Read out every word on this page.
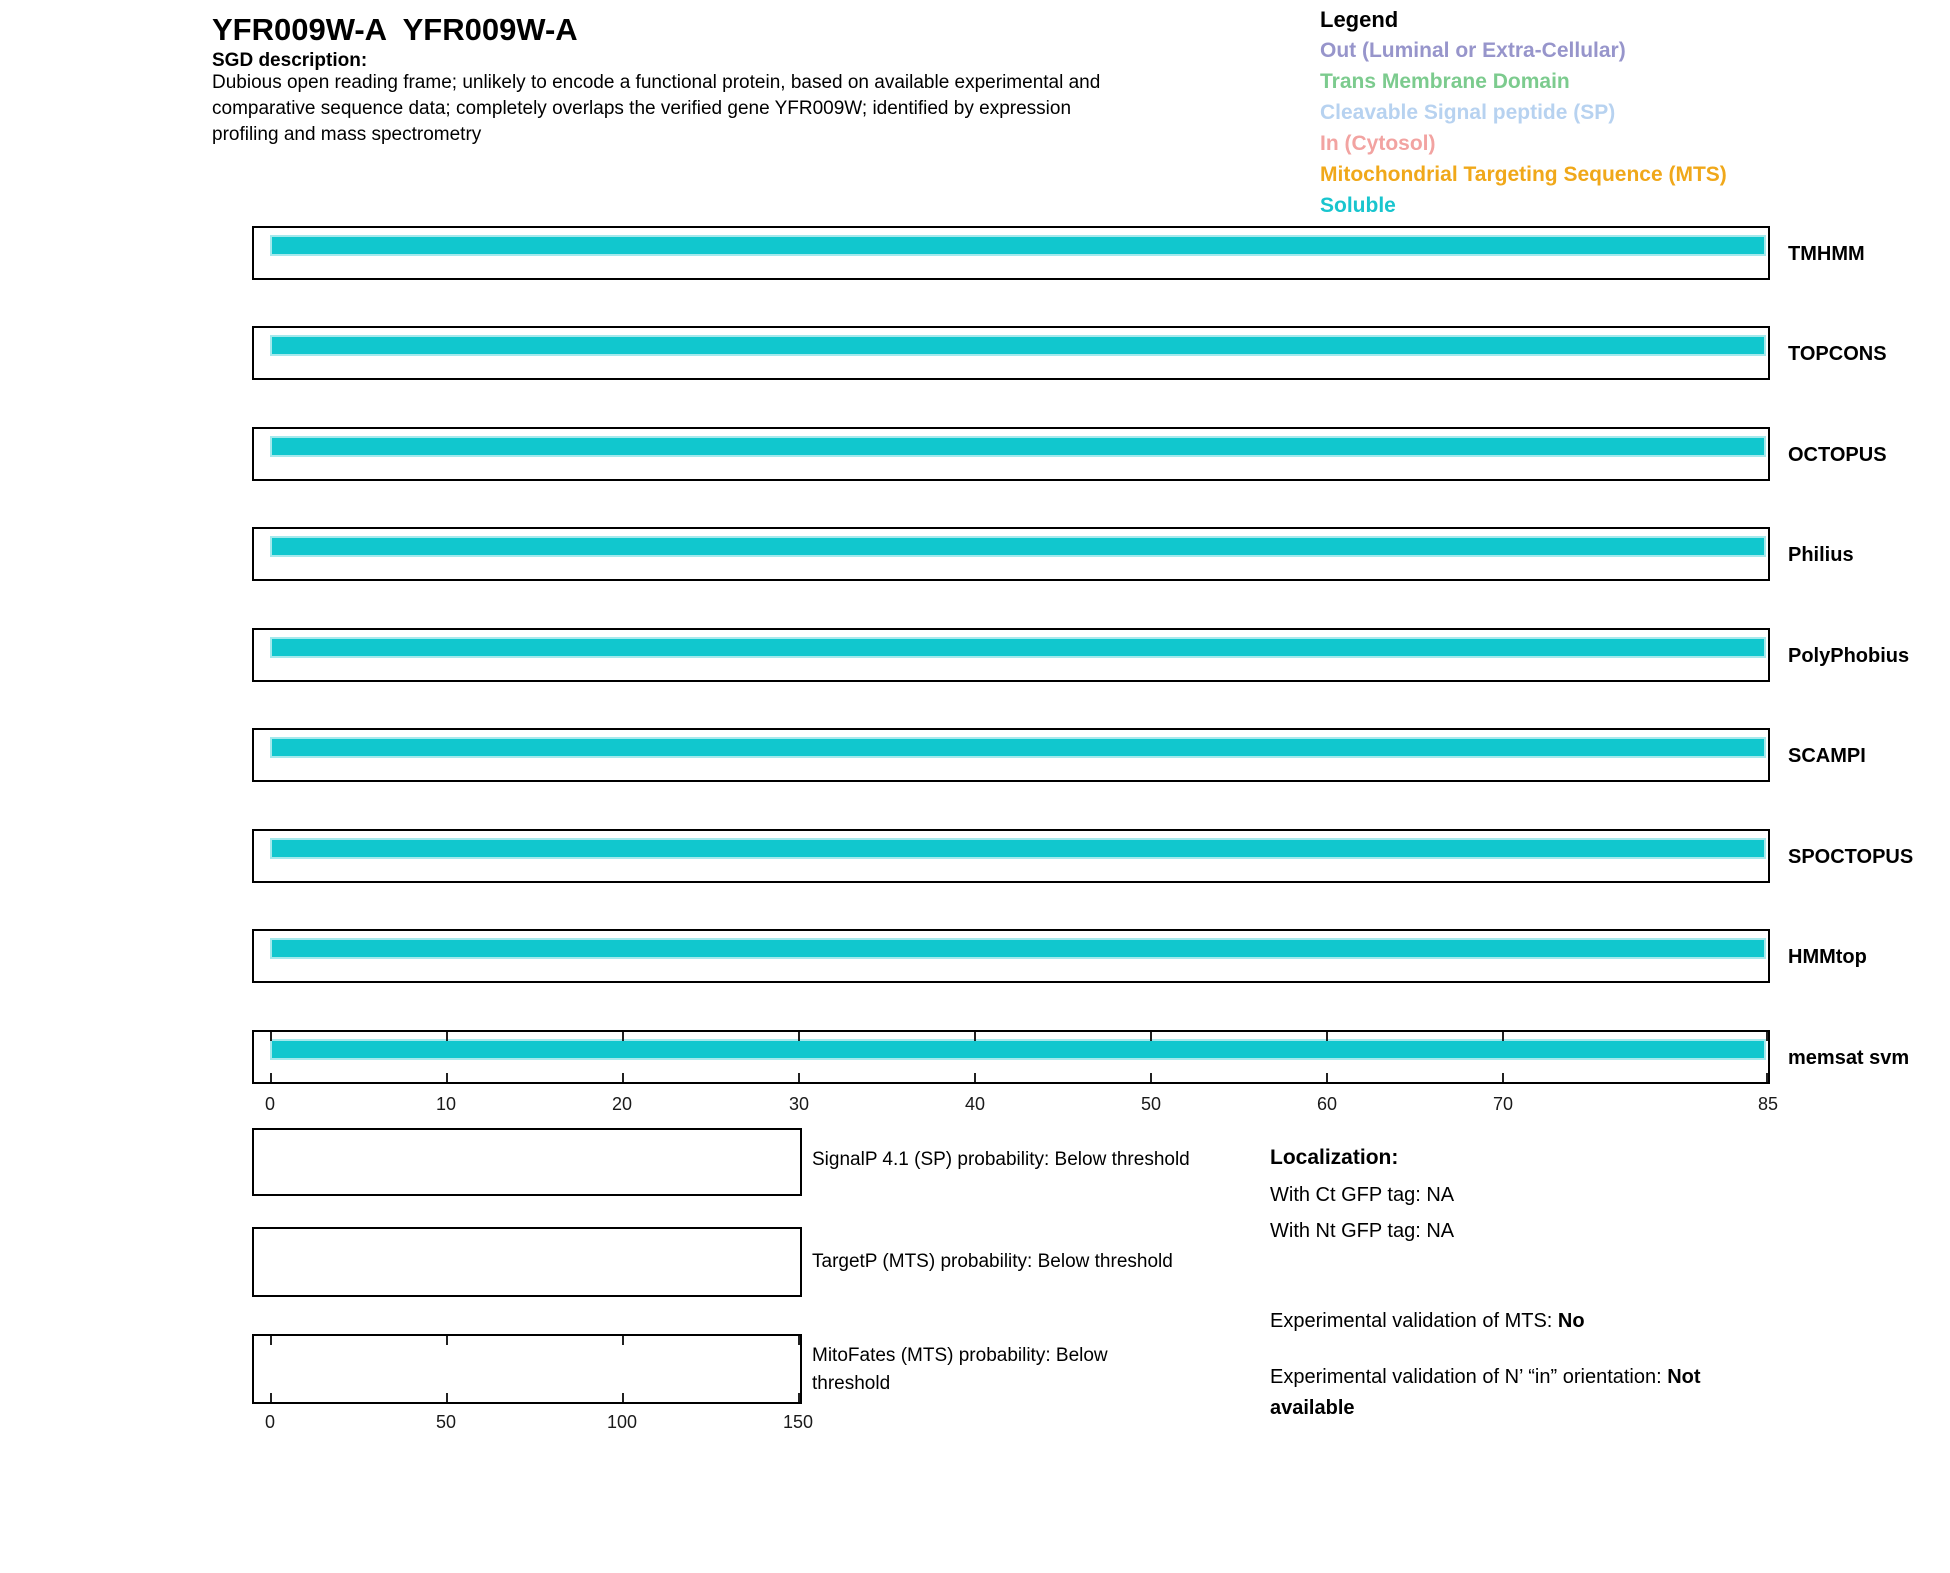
YFR009W-A  YFR009W-A
SGD description:
Dubious open reading frame; unlikely to encode a functional protein, based on available experimental and
comparative sequence data; completely overlaps the verified gene YFR009W; identified by expression
profiling and mass spectrometry
Legend
Out (Luminal or Extra-Cellular)
Trans Membrane Domain
Cleavable Signal peptide (SP)
In (Cytosol)
Mitochondrial Targeting Sequence (MTS)
Soluble
TMHMM
TOPCONS
OCTOPUS
Philius
PolyPhobius
SCAMPI
SPOCTOPUS
HMMtop
memsat svm
0	10	20	30	40	50	60	70	85
SignalP 4.1 (SP) probability: Below threshold
TargetP (MTS) probability: Below threshold
MitoFates (MTS) probability: Below
threshold
0	50	100	150
Localization:
With Ct GFP tag: NA
With Nt GFP tag: NA
Experimental validation of MTS: No
Experimental validation of N’ “in” orientation: Not available
